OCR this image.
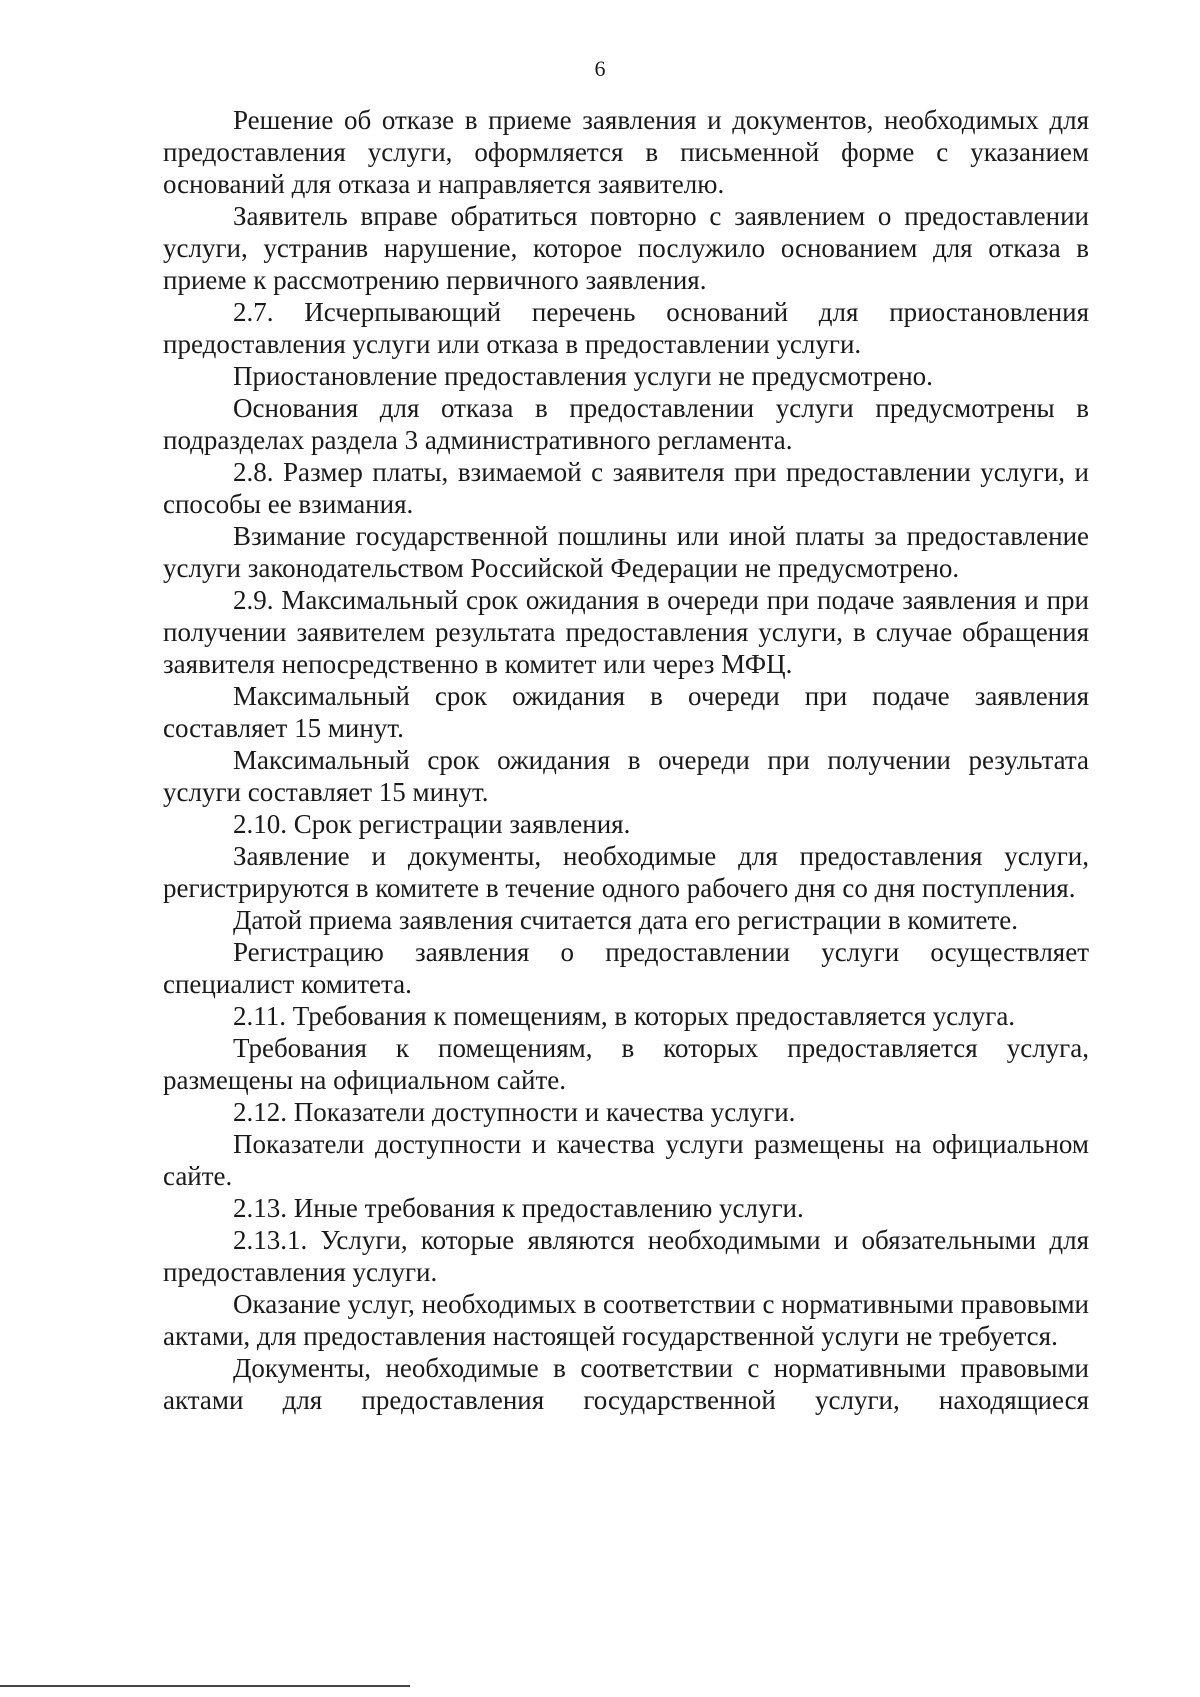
6

Решение об отказе в приеме заявления и документов, необходимых для предоставления услуги, оформляется в письменной форме с указанием оснований для отказа и направляется заявителю.

Заявитель вправе обратиться повторно с заявлением о предоставлении услуги, устранив нарушение, которое послужило основанием для отказа в приеме к рассмотрению первичного заявления.

2.7. Исчерпывающий перечень оснований для приостановления предоставления услуги или отказа в предоставлении услуги.

Приостановление предоставления услуги не предусмотрено.

Основания для отказа в предоставлении услуги предусмотрены в подразделах раздела 3 административного регламента.

2.8. Размер платы, взимаемой с заявителя при предоставлении услуги, и способы ее взимания.

Взимание государственной пошлины или иной платы за предоставление услуги законодательством Российской Федерации не предусмотрено.

2.9. Максимальный срок ожидания в очереди при подаче заявления и при получении заявителем результата предоставления услуги, в случае обращения заявителя непосредственно в комитет или через МФЦ.

Максимальный срок ожидания в очереди при подаче заявления составляет 15 минут.

Максимальный срок ожидания в очереди при получении результата услуги составляет 15 минут.

2.10. Срок регистрации заявления.

Заявление и документы, необходимые для предоставления услуги, регистрируются в комитете в течение одного рабочего дня со дня поступления.

Датой приема заявления считается дата его регистрации в комитете.

Регистрацию заявления о предоставлении услуги осуществляет специалист комитета.

2.11. Требования к помещениям, в которых предоставляется услуга.

Требования к помещениям, в которых предоставляется услуга, размещены на официальном сайте.

2.12. Показатели доступности и качества услуги.

Показатели доступности и качества услуги размещены на официальном сайте.

2.13. Иные требования к предоставлению услуги.

2.13.1. Услуги, которые являются необходимыми и обязательными для предоставления услуги.

Оказание услуг, необходимых в соответствии с нормативными правовыми актами, для предоставления настоящей государственной услуги не требуется.

Документы, необходимые в соответствии с нормативными правовыми актами для предоставления государственной услуги, находящиеся
